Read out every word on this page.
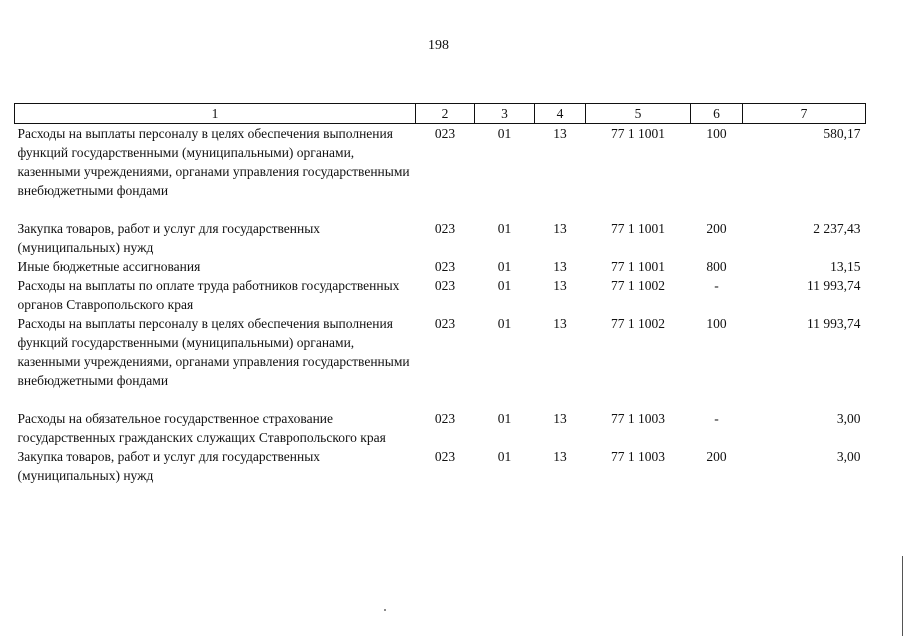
198
1	2	3	4	5	6	7
Расходы на выплаты персоналу в целях обеспечения выполнения функций государственными (муниципальными) органами, казенными учреждениями, органами управления государственными внебюджетными фондами	023	01	13	77 1 1001	100	580,17
Закупка товаров, работ и услуг для государственных (муниципальных) нужд	023	01	13	77 1 1001	200	2 237,43
Иные бюджетные ассигнования	023	01	13	77 1 1001	800	13,15
Расходы на выплаты по оплате труда работников государственных органов Ставропольского края	023	01	13	77 1 1002	-	11 993,74
Расходы на выплаты персоналу в целях обеспечения выполнения функций государственными (муниципальными) органами, казенными учреждениями, органами управления государственными внебюджетными фондами	023	01	13	77 1 1002	100	11 993,74
Расходы на обязательное государственное страхование государственных гражданских служащих Ставропольского края	023	01	13	77 1 1003	-	3,00
Закупка товаров, работ и услуг для государственных (муниципальных) нужд	023	01	13	77 1 1003	200	3,00
